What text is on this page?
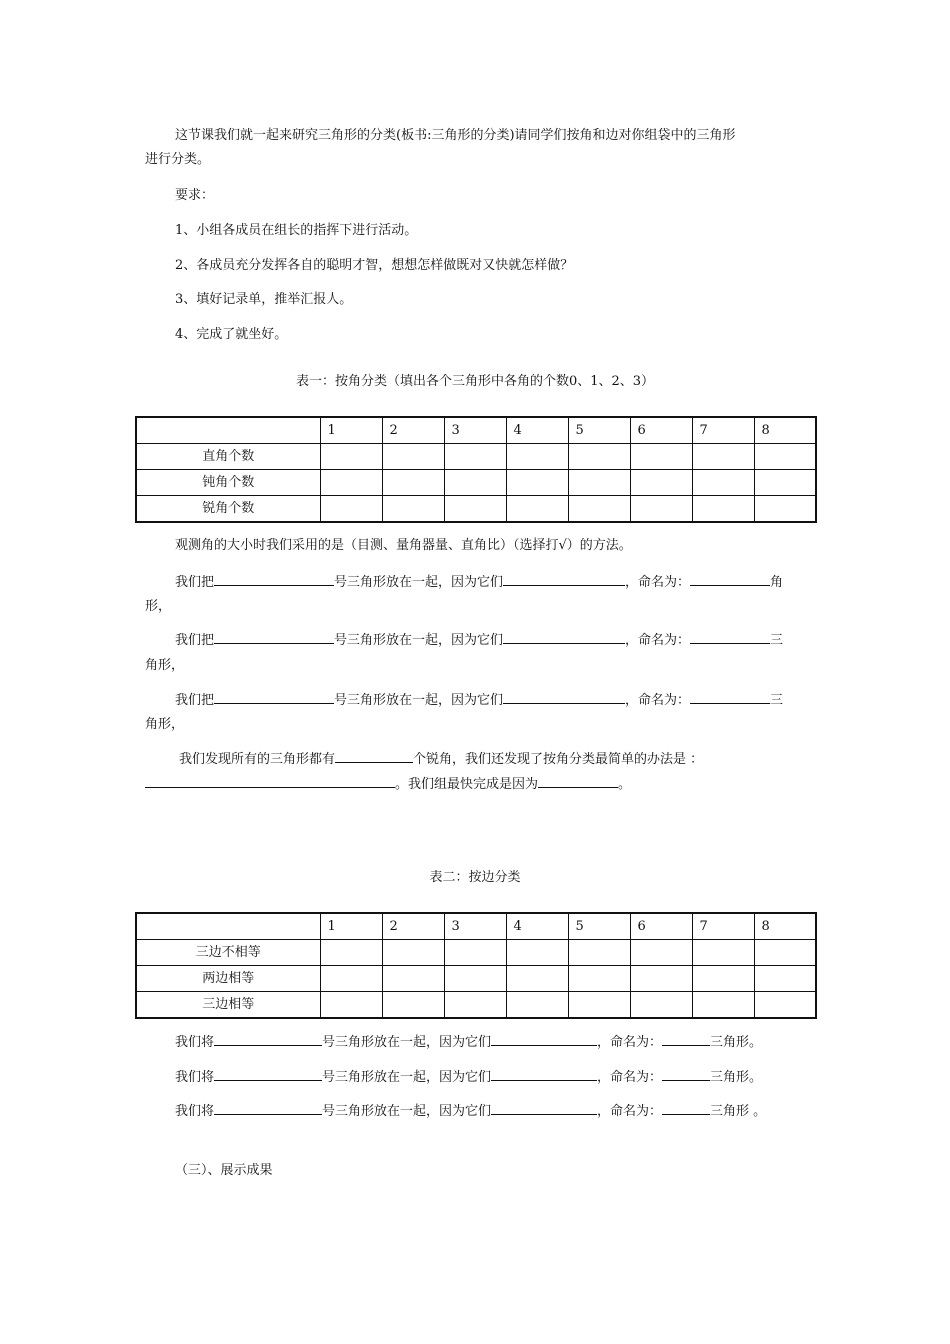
这节课我们就一起来研究三角形的分类(板书:三角形的分类)请同学们按角和边对你组袋中的三角形
进行分类。
要求：
1、小组各成员在组长的指挥下进行活动。
2、各成员充分发挥各自的聪明才智，想想怎样做既对又快就怎样做？
3、填好记录单，推举汇报人。
4、完成了就坐好。
表一：按角分类（填出各个三角形中各角的个数0、1、2、3）
	1	2	3	4	5	6	7	8
直角个数								
钝角个数								
锐角个数								
观测角的大小时我们采用的是（目测、量角器量、直角比）（选择打√）的方法。
我们把	号三角形放在一起，因为它们	，命名为：	角
形，
我们把	号三角形放在一起，因为它们	，命名为：	三
角形，
我们把	号三角形放在一起，因为它们	，命名为：	三
角形，
我们发现所有的三角形都有	个锐角，我们还发现了按角分类最简单的办法是 ：
。我们组最快完成是因为	。
表二：按边分类
	1	2	3	4	5	6	7	8
三边不相等								
两边相等								
三边相等								
我们将	号三角形放在一起，因为它们	，命名为：	三角形。
我们将	号三角形放在一起，因为它们	，命名为：	三角形。
我们将	号三角形放在一起，因为它们	，命名为：	三角形 。
（三）、展示成果
